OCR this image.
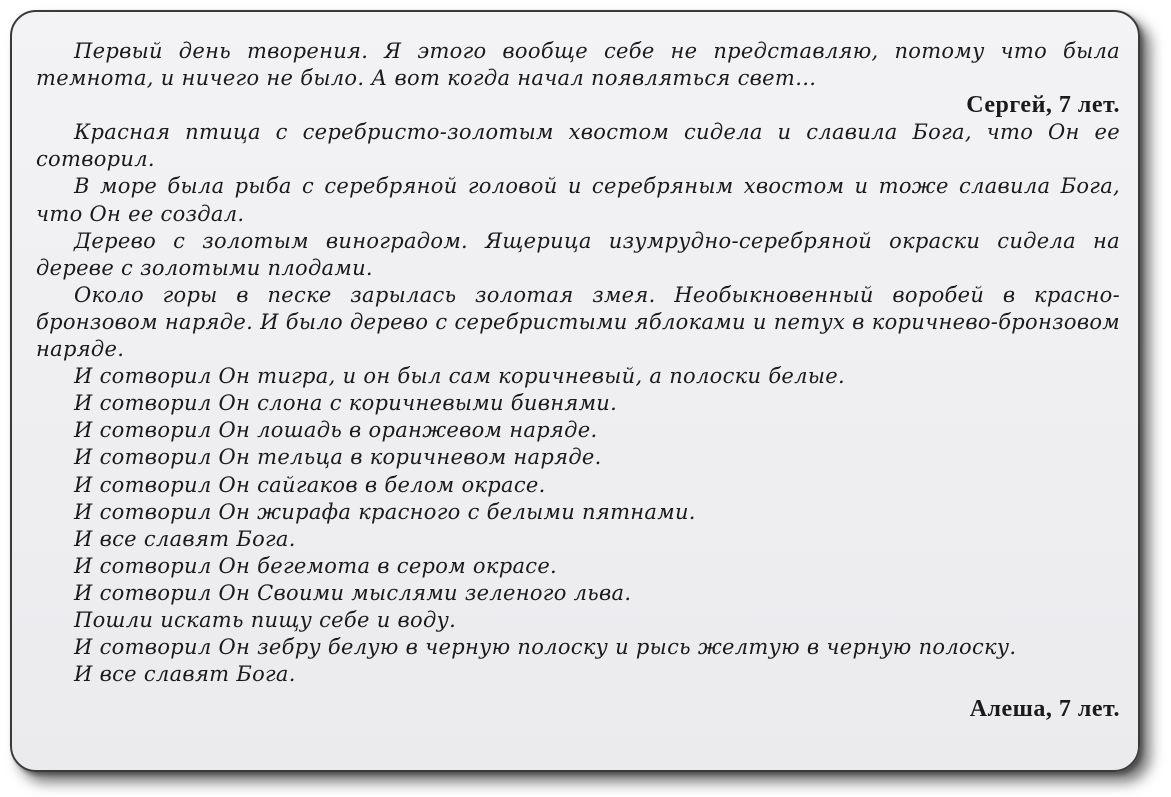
Первый день творения. Я этого вообще себе не представляю, потому что была темнота, и ничего не было. А вот когда начал появляться свет…

Сергей, 7 лет.

Красная птица с серебристо-золотым хвостом сидела и славила Бога, что Он ее сотворил.

В море была рыба с серебряной головой и серебряным хвостом и тоже славила Бога, что Он ее создал.

Дерево с золотым виноградом. Ящерица изумрудно-серебряной окраски сидела на дереве с золотыми плодами.

Около горы в песке зарылась золотая змея. Необыкновенный воробей в красно-бронзовом наряде. И было дерево с серебристыми яблоками и петух в коричнево-бронзовом наряде.

И сотворил Он тигра, и он был сам коричневый, а полоски белые.

И сотворил Он слона с коричневыми бивнями.

И сотворил Он лошадь в оранжевом наряде.

И сотворил Он тельца в коричневом наряде.

И сотворил Он сайгаков в белом окрасе.

И сотворил Он жирафа красного с белыми пятнами.

И все славят Бога.

И сотворил Он бегемота в сером окрасе.

И сотворил Он Своими мыслями зеленого льва.

Пошли искать пищу себе и воду.

И сотворил Он зебру белую в черную полоску и рысь желтую в черную полоску.

И все славят Бога.

Алеша, 7 лет.
